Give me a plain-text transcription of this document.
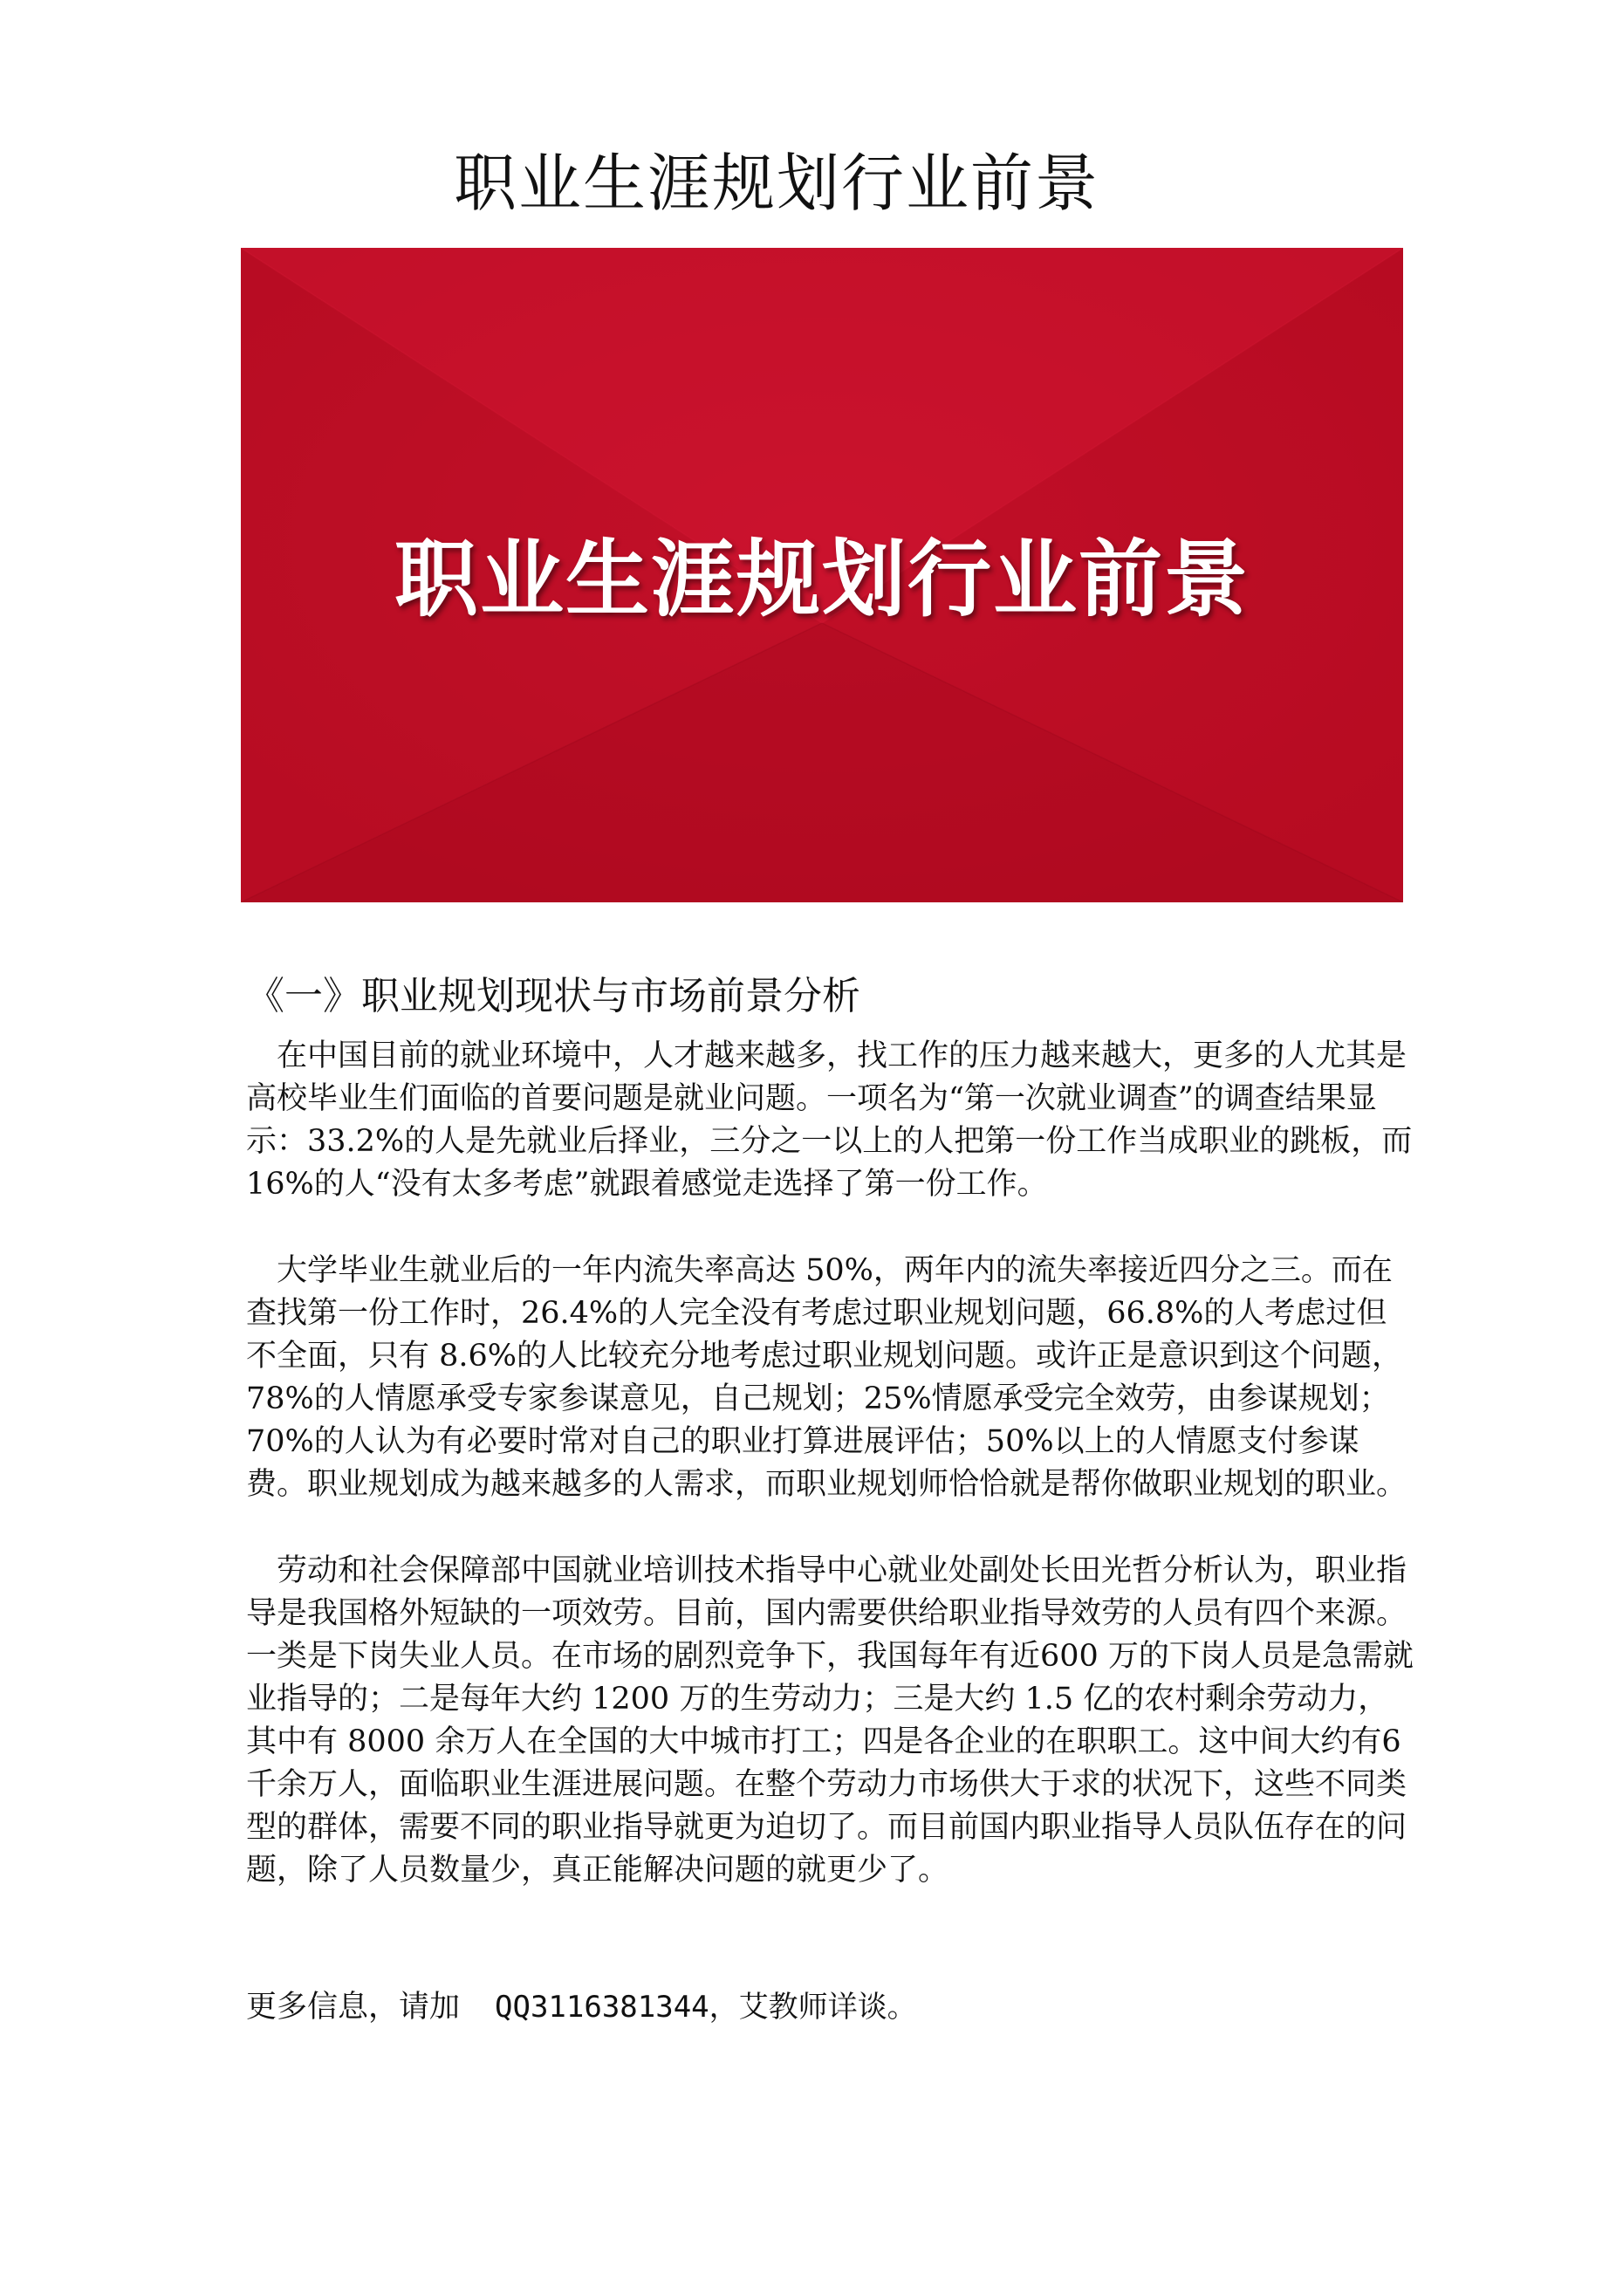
职业生涯规划行业前景
职业生涯规划行业前景
《一》职业规划现状与市场前景分析

　在中国目前的就业环境中，人才越来越多，找工作的压力越来越大，更多的人尤其是高校毕业生们面临的首要问题是就业问题。一项名为“第一次就业调查”的调查结果显示：33.2%的人是先就业后择业，三分之一以上的人把第一份工作当成职业的跳板，而 16%的人“没有太多考虑”就跟着感觉走选择了第一份工作。

　大学毕业生就业后的一年内流失率高达 50%，两年内的流失率接近四分之三。而在查找第一份工作时，26.4%的人完全没有考虑过职业规划问题，66.8%的人考虑过但不全面，只有 8.6%的人比较充分地考虑过职业规划问题。或许正是意识到这个问题，78%的人情愿承受专家参谋意见，自己规划；25%情愿承受完全效劳，由参谋规划；70%的人认为有必要时常对自己的职业打算进展评估；50%以上的人情愿支付参谋费。职业规划成为越来越多的人需求，而职业规划师恰恰就是帮你做职业规划的职业。

　劳动和社会保障部中国就业培训技术指导中心就业处副处长田光哲分析认为，职业指导是我国格外短缺的一项效劳。目前，国内需要供给职业指导效劳的人员有四个来源。一类是下岗失业人员。在市场的剧烈竞争下，我国每年有近600 万的下岗人员是急需就业指导的；二是每年大约 1200 万的生劳动力；三是大约 1.5 亿的农村剩余劳动力，其中有 8000 余万人在全国的大中城市打工；四是各企业的在职职工。这中间大约有6 千余万人，面临职业生涯进展问题。在整个劳动力市场供大于求的状况下，这些不同类型的群体，需要不同的职业指导就更为迫切了。而目前国内职业指导人员队伍存在的问题，除了人员数量少，真正能解决问题的就更少了。

更多信息，请加 QQ3116381344，艾教师详谈。
